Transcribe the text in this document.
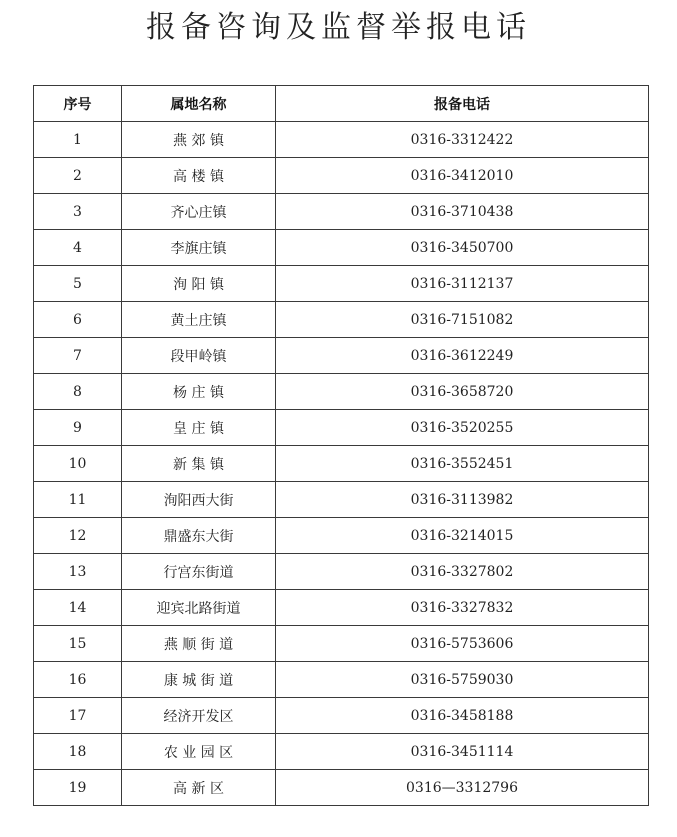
报备咨询及监督举报电话
序号	属地名称	报备电话
1	燕 郊 镇	0316-3312422
2	高 楼 镇	0316-3412010
3	齐心庄镇	0316-3710438
4	李旗庄镇	0316-3450700
5	洵 阳 镇	0316-3112137
6	黄土庄镇	0316-7151082
7	段甲岭镇	0316-3612249
8	杨 庄 镇	0316-3658720
9	皇 庄 镇	0316-3520255
10	新 集 镇	0316-3552451
11	洵阳西大街	0316-3113982
12	鼎盛东大街	0316-3214015
13	行宫东街道	0316-3327802
14	迎宾北路街道	0316-3327832
15	燕 顺 街 道	0316-5753606
16	康 城 街 道	0316-5759030
17	经济开发区	0316-3458188
18	农 业 园 区	0316-3451114
19	高 新 区	0316—3312796
